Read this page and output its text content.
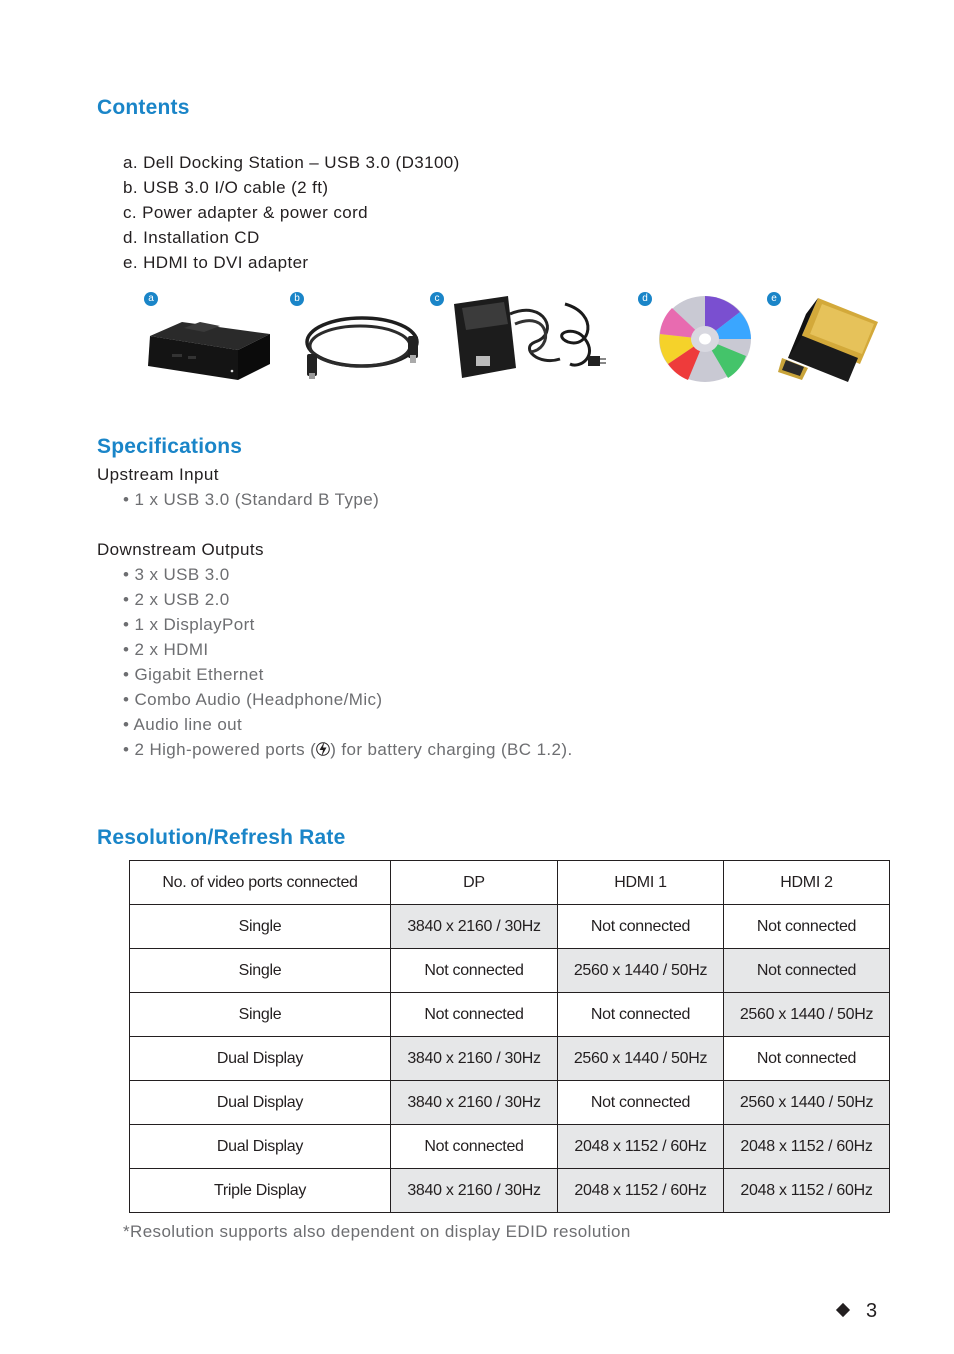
Contents
a. Dell Docking Station – USB 3.0 (D3100)
b. USB 3.0 I/O cable (2 ft)
c. Power adapter & power cord
d. Installation CD
e. HDMI to DVI adapter
a	b	c	d	e
Specifications

Upstream Input

• 1 x USB 3.0 (Standard B Type)

Downstream Outputs

• 3 x USB 3.0
• 2 x USB 2.0
• 1 x DisplayPort
• 2 x HDMI
• Gigabit Ethernet
• Combo Audio (Headphone/Mic)
• Audio line out
• 2 High-powered ports ( ) for battery charging (BC 1.2).
Resolution/Refresh Rate
No. of video ports connected	DP	HDMI 1	HDMI 2
Single	3840 x 2160 / 30Hz	Not connected	Not connected
Single	Not connected	2560 x 1440 / 50Hz	Not connected
Single	Not connected	Not connected	2560 x 1440 / 50Hz
Dual Display	3840 x 2160 / 30Hz	2560 x 1440 / 50Hz	Not connected
Dual Display	3840 x 2160 / 30Hz	Not connected	2560 x 1440 / 50Hz
Dual Display	Not connected	2048 x 1152 / 60Hz	2048 x 1152 / 60Hz
Triple Display	3840 x 2160 / 30Hz	2048 x 1152 / 60Hz	2048 x 1152 / 60Hz

*Resolution supports also dependent on display EDID resolution

3
